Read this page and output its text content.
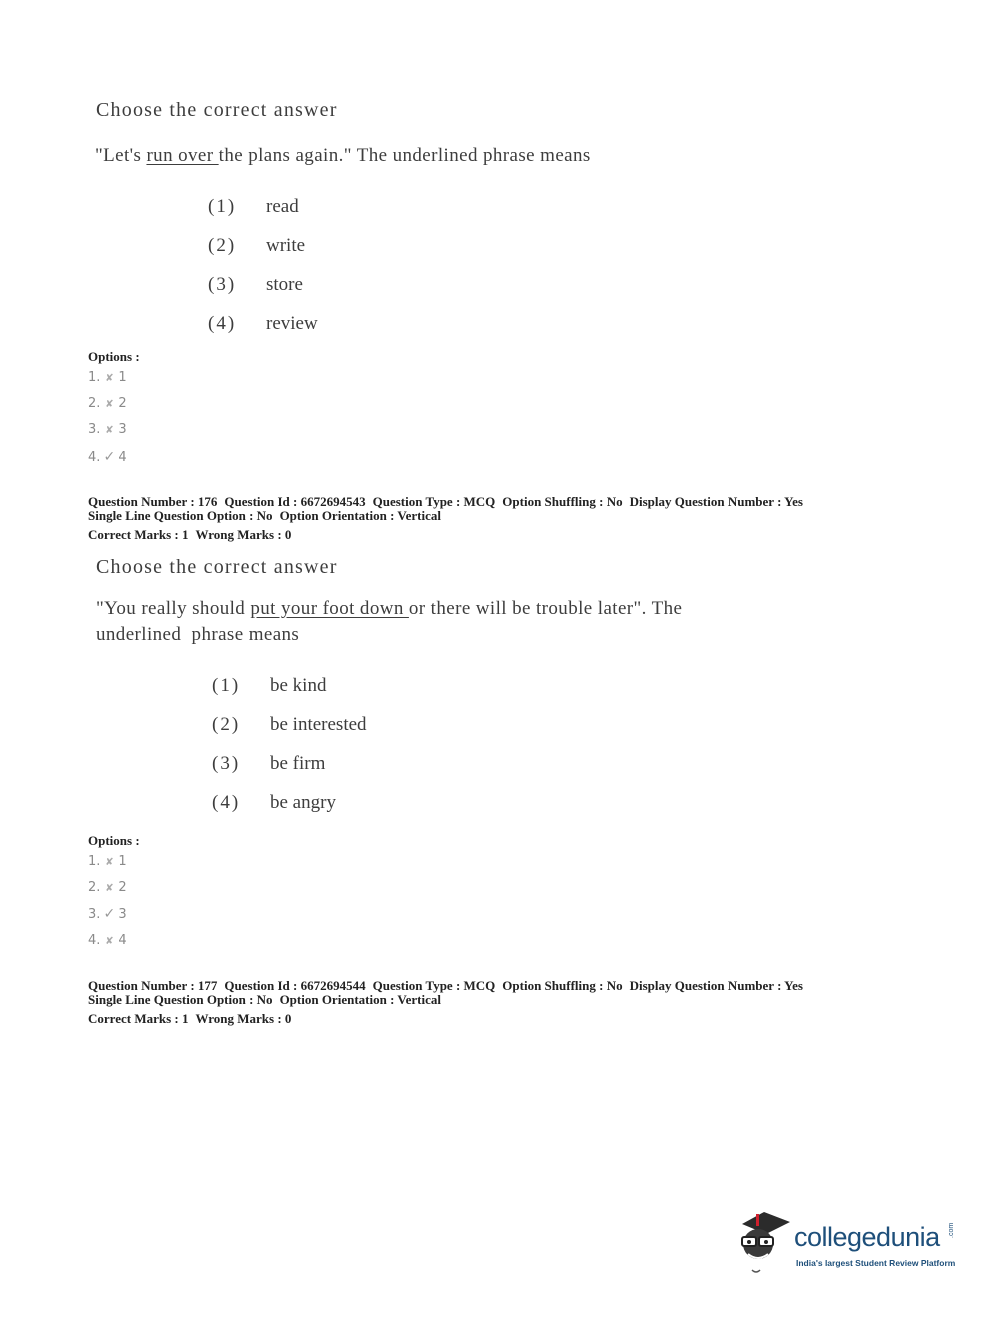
Choose the correct answer
"Let's run over the plans again." The underlined phrase means
(1) read
(2) write
(3) store
(4) review
Options :
1. ✘ 1
2. ✘ 2
3. ✘ 3
4. ✓ 4
Question Number : 176 Question Id : 6672694543 Question Type : MCQ Option Shuffling : No Display Question Number : Yes
Single Line Question Option : No Option Orientation : Vertical
Correct Marks : 1 Wrong Marks : 0
Choose the correct answer
"You really should put your foot down or there will be trouble later". The
underlined  phrase means
(1) be kind
(2) be interested
(3) be firm
(4) be angry
Options :
1. ✘ 1
2. ✘ 2
3. ✓ 3
4. ✘ 4
Question Number : 177 Question Id : 6672694544 Question Type : MCQ Option Shuffling : No Display Question Number : Yes
Single Line Question Option : No Option Orientation : Vertical
Correct Marks : 1 Wrong Marks : 0
collegedunia .com
India's largest Student Review Platform
